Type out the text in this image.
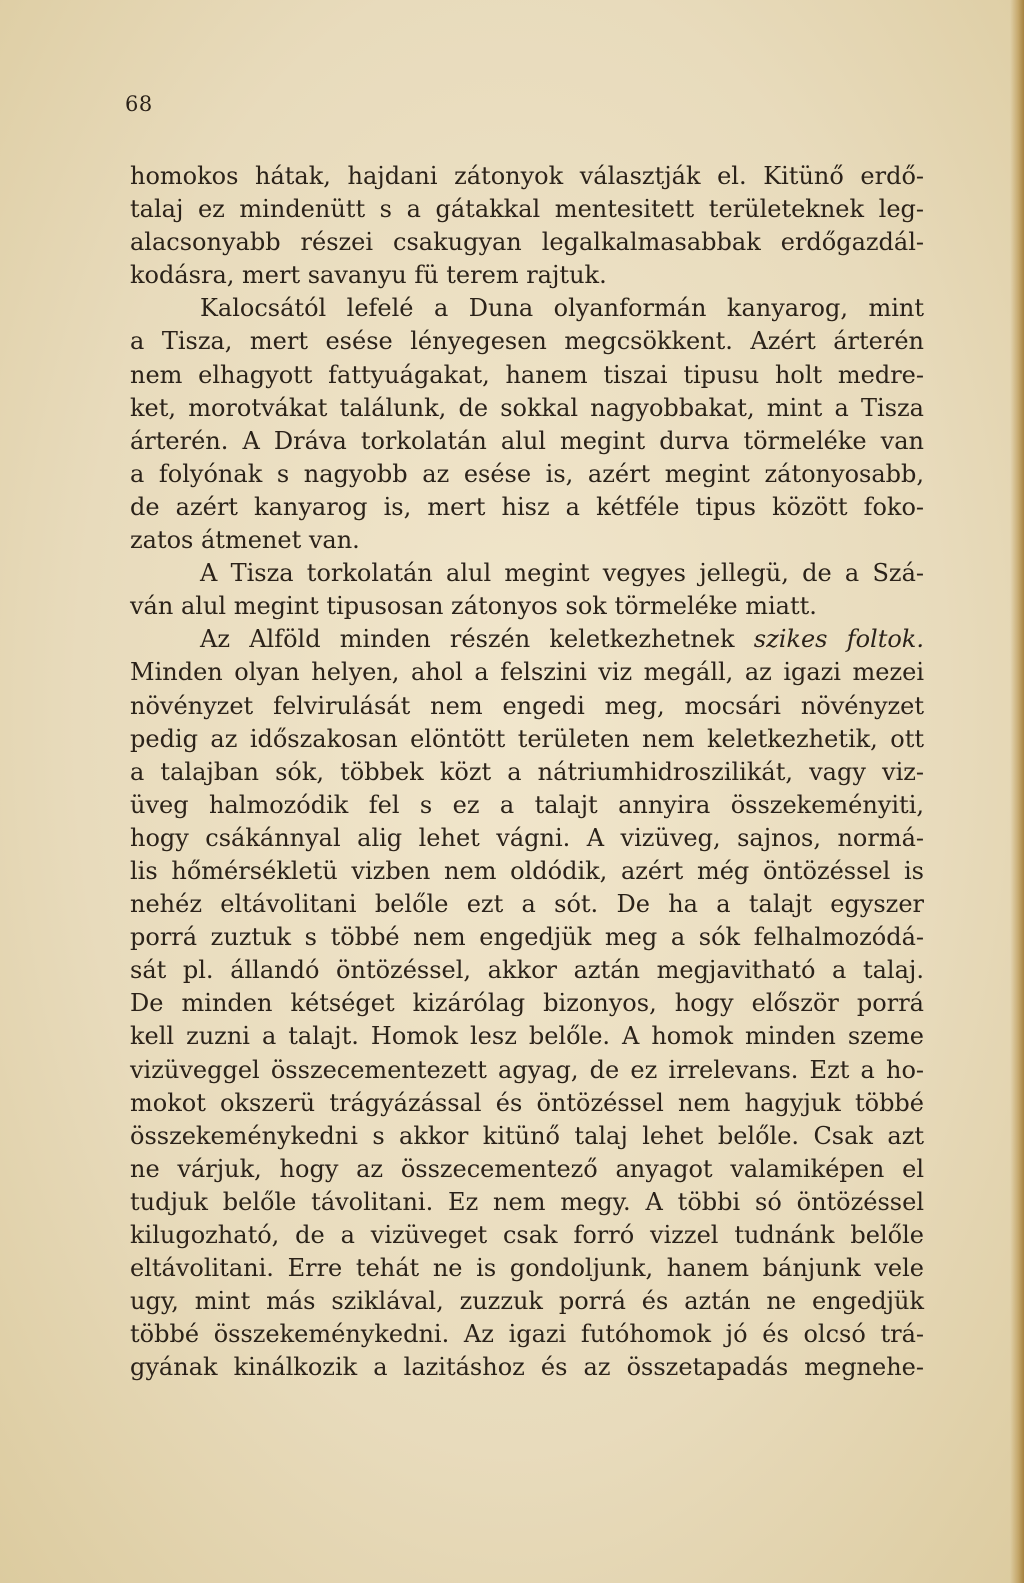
68
homokos hátak, hajdani zátonyok választják el. Kitünő erdő-
talaj ez mindenütt s a gátakkal mentesitett területeknek leg-
alacsonyabb részei csakugyan legalkalmasabbak erdőgazdál-
kodásra, mert savanyu fü terem rajtuk.
Kalocsától lefelé a Duna olyanformán kanyarog, mint
a Tisza, mert esése lényegesen megcsökkent. Azért árterén
nem elhagyott fattyuágakat, hanem tiszai tipusu holt medre-
ket, morotvákat találunk, de sokkal nagyobbakat, mint a Tisza
árterén. A Dráva torkolatán alul megint durva törmeléke van
a folyónak s nagyobb az esése is, azért megint zátonyosabb,
de azért kanyarog is, mert hisz a kétféle tipus között foko-
zatos átmenet van.
A Tisza torkolatán alul megint vegyes jellegü, de a Szá-
ván alul megint tipusosan zátonyos sok törmeléke miatt.
Az Alföld minden részén keletkezhetnek szikes foltok.
Minden olyan helyen, ahol a felszini viz megáll, az igazi mezei
növényzet felvirulását nem engedi meg, mocsári növényzet
pedig az időszakosan elöntött területen nem keletkezhetik, ott
a talajban sók, többek közt a nátriumhidroszilikát, vagy viz-
üveg halmozódik fel s ez a talajt annyira összekeményiti,
hogy csákánnyal alig lehet vágni. A vizüveg, sajnos, normá-
lis hőmérsékletü vizben nem oldódik, azért még öntözéssel is
nehéz eltávolitani belőle ezt a sót. De ha a talajt egyszer
porrá zuztuk s többé nem engedjük meg a sók felhalmozódá-
sát pl. állandó öntözéssel, akkor aztán megjavitható a talaj.
De minden kétséget kizárólag bizonyos, hogy először porrá
kell zuzni a talajt. Homok lesz belőle. A homok minden szeme
vizüveggel összecementezett agyag, de ez irrelevans. Ezt a ho-
mokot okszerü trágyázással és öntözéssel nem hagyjuk többé
összekeménykedni s akkor kitünő talaj lehet belőle. Csak azt
ne várjuk, hogy az összecementező anyagot valamiképen el
tudjuk belőle távolitani. Ez nem megy. A többi só öntözéssel
kilugozható, de a vizüveget csak forró vizzel tudnánk belőle
eltávolitani. Erre tehát ne is gondoljunk, hanem bánjunk vele
ugy, mint más sziklával, zuzzuk porrá és aztán ne engedjük
többé összekeménykedni. Az igazi futóhomok jó és olcsó trá-
gyának kinálkozik a lazitáshoz és az összetapadás megnehe-
